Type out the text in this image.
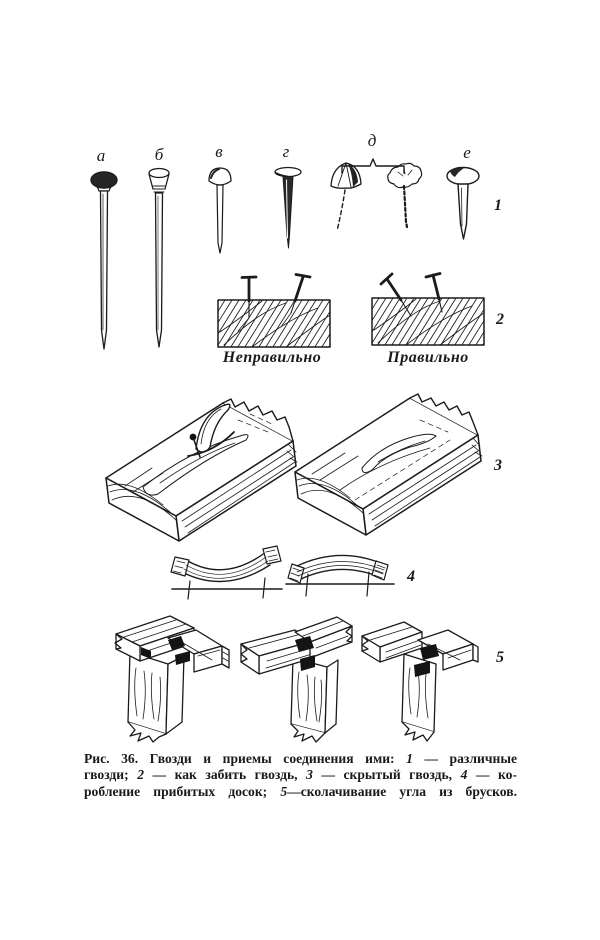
а	б	в	г
д
е
1
2
3
4
5
Неправильно	Правильно
Рис. 36. Гвозди и приемы соединения ими: 1 — различные
гвозди; 2 — как забить гвоздь, 3 — скрытый гвоздь, 4 — ко-
робление прибитых досок; 5—сколачивание угла из брусков.
